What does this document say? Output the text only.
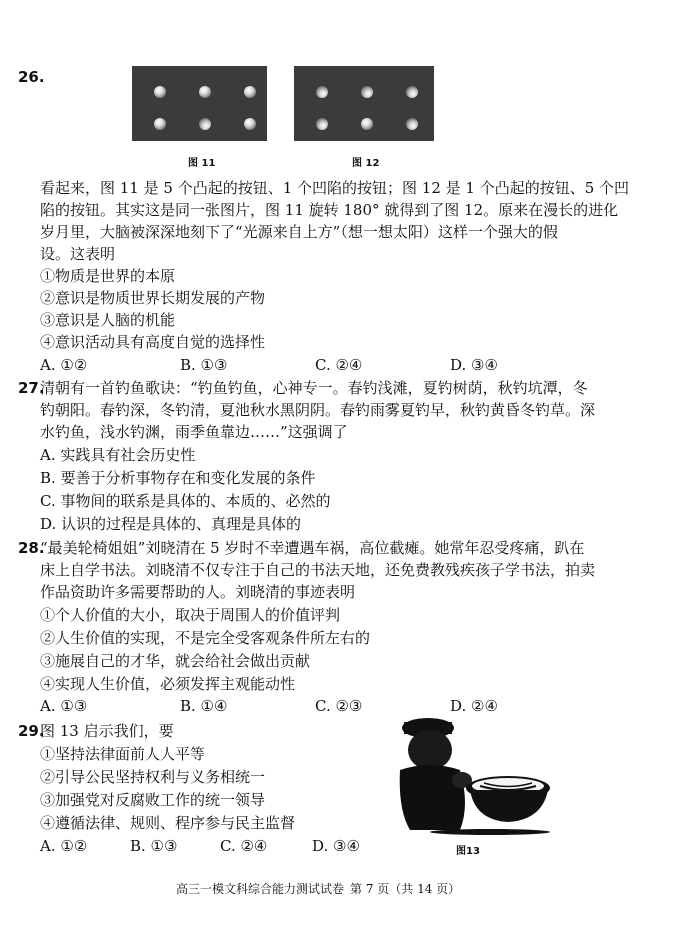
26.
图 11	图 12
看起来，图 11 是 5 个凸起的按钮、1 个凹陷的按钮；图 12 是 1 个凸起的按钮、5 个凹
陷的按钮。其实这是同一张图片，图 11 旋转 180° 就得到了图 12。原来在漫长的进化
岁月里，大脑被深深地刻下了“光源来自上方”（想一想太阳）这样一个强大的假
设。这表明
①物质是世界的本原
②意识是物质世界长期发展的产物
③意识是人脑的机能
④意识活动具有高度自觉的选择性
A. ①②	B. ①③	C. ②④	D. ③④
27.
清朝有一首钓鱼歌诀：“钓鱼钓鱼，心神专一。春钓浅滩，夏钓树荫，秋钓坑潭，冬
钓朝阳。春钓深，冬钓清，夏池秋水黑阴阴。春钓雨雾夏钓早，秋钓黄昏冬钓草。深
水钓鱼，浅水钓渊，雨季鱼靠边……”这强调了
A. 实践具有社会历史性
B. 要善于分析事物存在和变化发展的条件
C. 事物间的联系是具体的、本质的、必然的
D. 认识的过程是具体的、真理是具体的
28.
“最美轮椅姐姐”刘晓清在 5 岁时不幸遭遇车祸，高位截瘫。她常年忍受疼痛，趴在
床上自学书法。刘晓清不仅专注于自己的书法天地，还免费教残疾孩子学书法，拍卖
作品资助许多需要帮助的人。刘晓清的事迹表明
①个人价值的大小，取决于周围人的价值评判
②人生价值的实现，不是完全受客观条件所左右的
③施展自己的才华，就会给社会做出贡献
④实现人生价值，必须发挥主观能动性
A. ①③	B. ①④	C. ②③	D. ②④
29.
图 13 启示我们，要
①坚持法律面前人人平等
②引导公民坚持权利与义务相统一
③加强党对反腐败工作的统一领导
④遵循法律、规则、程序参与民主监督
A. ①②	B. ①③	C. ②④	D. ③④	图13
高三一模文科综合能力测试试卷 第 7 页（共 14 页）
